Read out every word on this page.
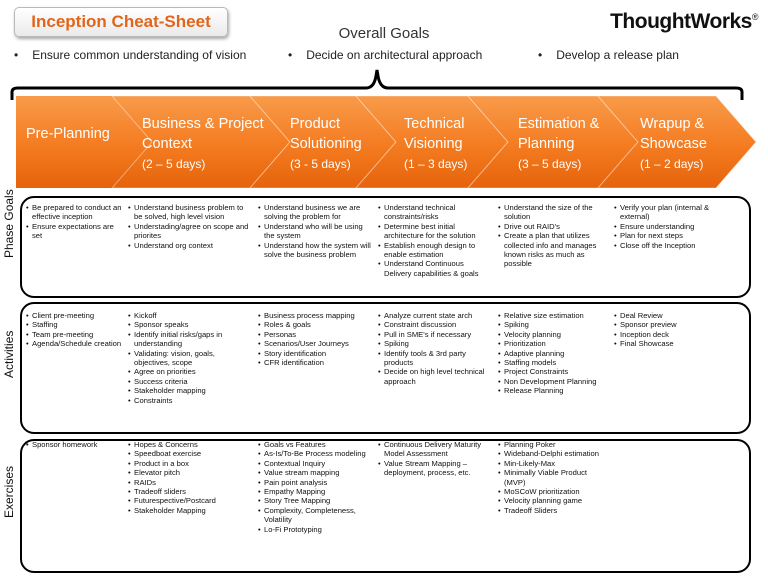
Inception Cheat-Sheet	ThoughtWorks®
Overall Goals
• Ensure common understanding of vision	• Decide on architectural approach	• Develop a release plan
Pre-Planning
Business & Project
Context
(2 – 5 days)
Product
Solutioning
(3 - 5 days)
Technical
Visioning
(1 – 3 days)
Estimation &
Planning
(3 – 5 days)
Wrapup &
Showcase
(1 – 2 days)
Phase Goals
Activities
Exercises
• Be prepared to conduct an effective inception
• Ensure expectations are set
• Understand business problem to be solved, high level vision
• Understading/agree on scope and priorites
• Understand org context
• Understand business we are solving the problem for
• Understand who will be using the system
• Understand how the system will solve the business problem
• Understand technical constraints/risks
• Determine best initial architecture for the solution
• Establish enough design to enable estimation
• Understand Continuous Delivery capabilities & goals
• Understand the size of the solution
• Drive out RAID's
• Create a plan that utilizes collected info and manages known risks as much as possible
• Verify your plan (internal & external)
• Ensure understanding
• Plan for next steps
• Close off the Inception
• Client pre-meeting
• Staffing
• Team pre-meeting
• Agenda/Schedule creation
• Kickoff
• Sponsor speaks
• Identify initial risks/gaps in understanding
• Validating: vision, goals, objectives, scope
• Agree on priorities
• Success criteria
• Stakeholder mapping
• Constraints
• Business process mapping
• Roles & goals
• Personas
• Scenarios/User Journeys
• Story identification
• CFR identification
• Analyze current state arch
• Constraint discussion
• Pull in SME's if necessary
• Spiking
• Identify tools & 3rd party products
• Decide on high level technical approach
• Relative size estimation
• Spiking
• Velocity planning
• Prioritization
• Adaptive planning
• Staffing models
• Project Constraints
• Non Development Planning
• Release Planning
• Deal Review
• Sponsor preview
• Inception deck
• Final Showcase
• Sponsor homework
•	Hopes & Concerns
• Speedboat exercise
• Product in a box
• Elevator pitch
• RAIDs
• Tradeoff sliders
• Futurespective/Postcard
• Stakeholder Mapping
• Goals vs Features
• As-Is/To-Be Process modeling
• Contextual Inquiry
• Value stream mapping
• Pain point analysis
• Empathy Mapping
• Story Tree Mapping
• Complexity, Completeness, Volatility
• Lo-Fi Prototyping
• Continuous Delivery Maturity Model Assessment
• Value Stream Mapping – deployment, process, etc.
• Planning Poker
• Wideband-Delphi estimation
• Min-Likely-Max
• Minimally Viable Product (MVP)
• MoSCoW prioritization
• Velocity planning game
• Tradeoff Sliders
